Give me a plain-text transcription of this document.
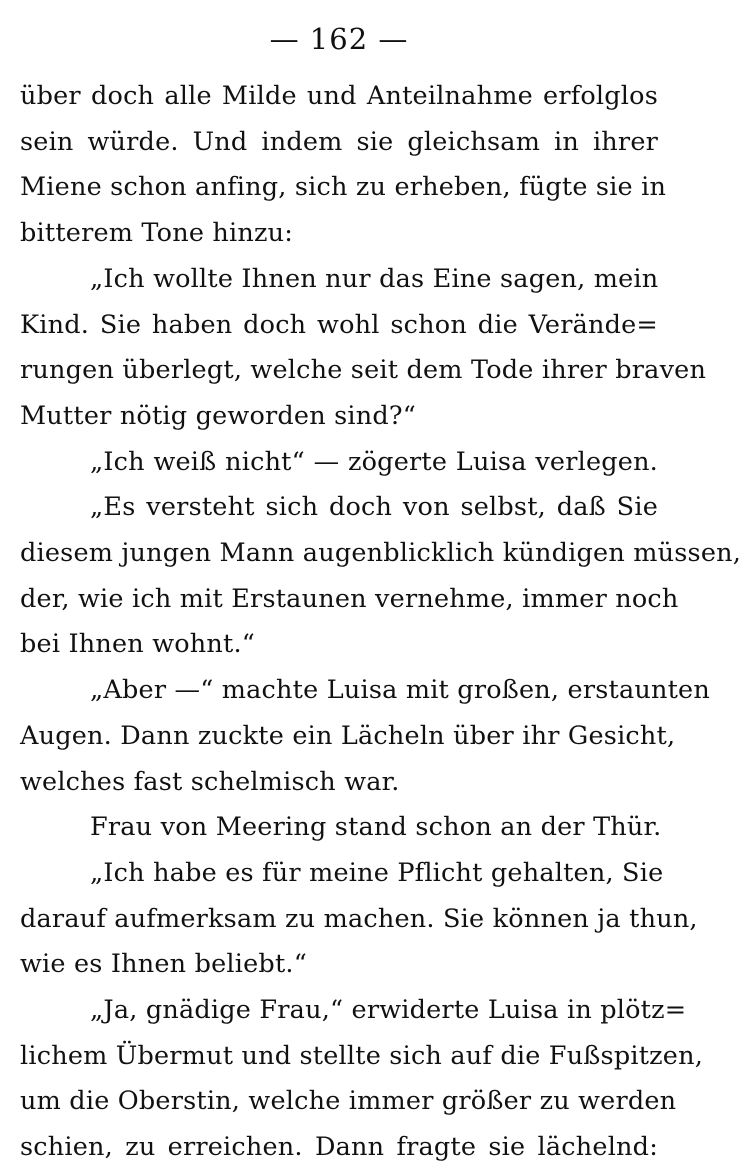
— 162 —
über doch alle Milde und Anteilnahme erfolglos
sein würde. Und indem sie gleichsam in ihrer
Miene schon anfing, sich zu erheben, fügte sie in
bitterem Tone hinzu:
„Ich wollte Ihnen nur das Eine sagen, mein
Kind. Sie haben doch wohl schon die Verände=
rungen überlegt, welche seit dem Tode ihrer braven
Mutter nötig geworden sind?“
„Ich weiß nicht“ — zögerte Luisa verlegen.
„Es versteht sich doch von selbst, daß Sie
diesem jungen Mann augenblicklich kündigen müssen,
der, wie ich mit Erstaunen vernehme, immer noch
bei Ihnen wohnt.“
„Aber —“ machte Luisa mit großen, erstaunten
Augen. Dann zuckte ein Lächeln über ihr Gesicht,
welches fast schelmisch war.
Frau von Meering stand schon an der Thür.
„Ich habe es für meine Pflicht gehalten, Sie
darauf aufmerksam zu machen. Sie können ja thun,
wie es Ihnen beliebt.“
„Ja, gnädige Frau,“ erwiderte Luisa in plötz=
lichem Übermut und stellte sich auf die Fußspitzen,
um die Oberstin, welche immer größer zu werden
schien, zu erreichen. Dann fragte sie lächelnd:
